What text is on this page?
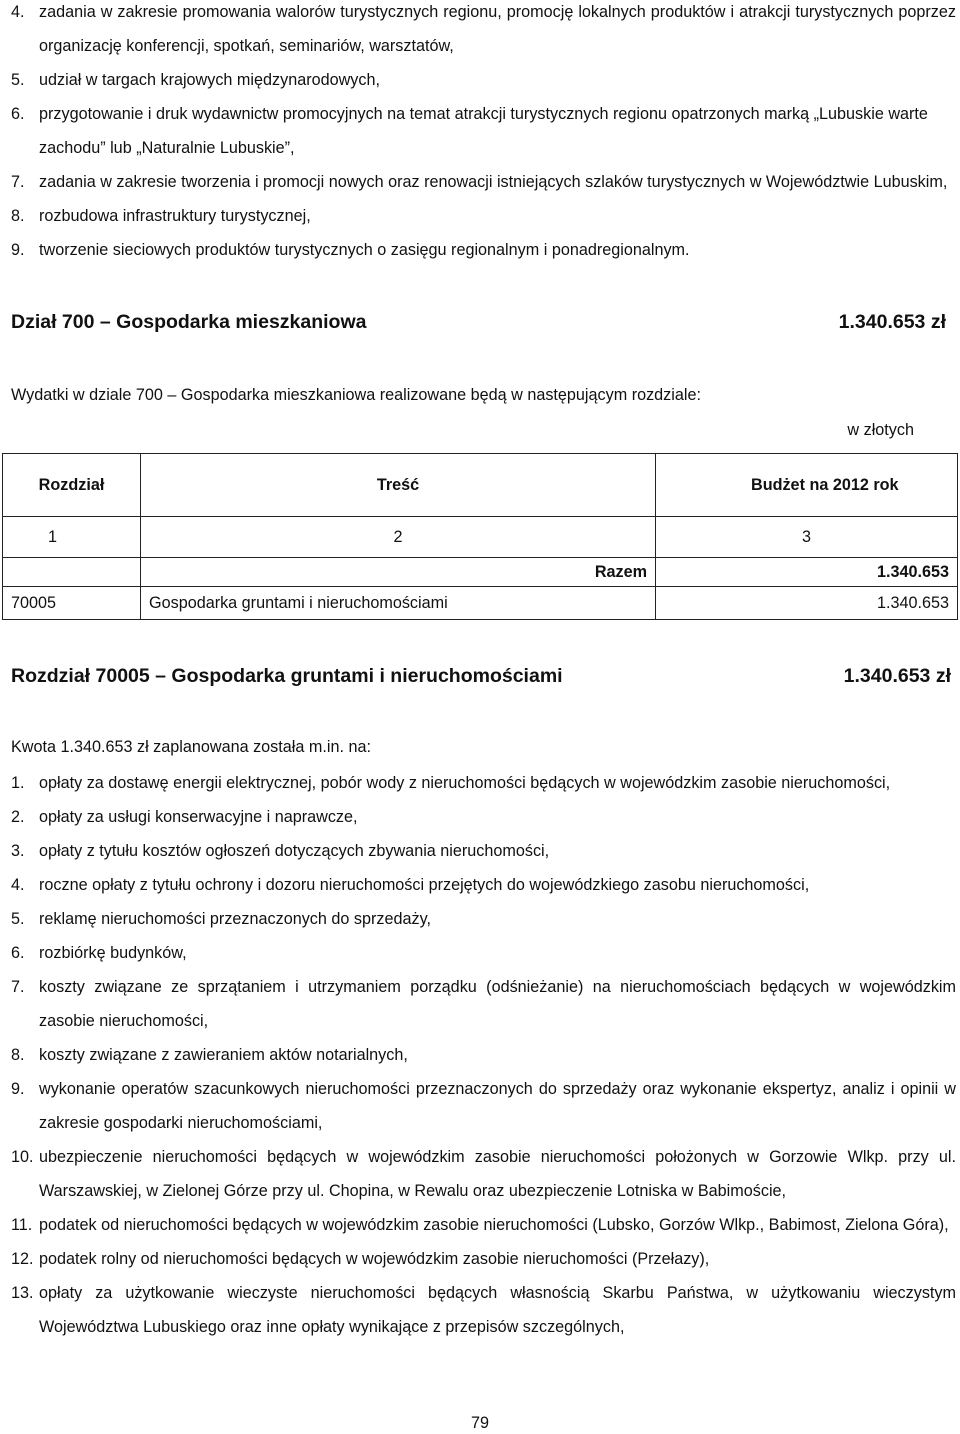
4. zadania w zakresie promowania walorów turystycznych regionu, promocję lokalnych produktów i atrakcji turystycznych poprzez organizację konferencji, spotkań, seminariów, warsztatów,
5. udział w targach krajowych międzynarodowych,
6. przygotowanie i druk wydawnictw promocyjnych na temat atrakcji turystycznych regionu opatrzonych marką „Lubuskie warte zachodu” lub „Naturalnie Lubuskie”,
7. zadania w zakresie tworzenia i promocji nowych oraz renowacji istniejących szlaków turystycznych w Województwie Lubuskim,
8. rozbudowa infrastruktury turystycznej,
9. tworzenie sieciowych produktów turystycznych o zasięgu regionalnym i ponadregionalnym.
Dział 700 – Gospodarka mieszkaniowa	1.340.653 zł
Wydatki w dziale 700 – Gospodarka mieszkaniowa realizowane będą w następującym rozdziale:
w złotych
Rozdział	Treść	Budżet na 2012 rok
1	2	3
	Razem	1.340.653
70005	Gospodarka gruntami i nieruchomościami	1.340.653
Rozdział 70005 – Gospodarka gruntami i nieruchomościami	1.340.653 zł
Kwota 1.340.653 zł zaplanowana została m.in. na:
1. opłaty za dostawę energii elektrycznej, pobór wody z nieruchomości będących w wojewódzkim zasobie nieruchomości,
2. opłaty za usługi konserwacyjne i naprawcze,
3. opłaty z tytułu kosztów ogłoszeń dotyczących zbywania nieruchomości,
4. roczne opłaty z tytułu ochrony i dozoru nieruchomości przejętych do wojewódzkiego zasobu nieruchomości,
5. reklamę nieruchomości przeznaczonych do sprzedaży,
6. rozbiórkę budynków,
7. koszty związane ze sprzątaniem i utrzymaniem porządku (odśnieżanie) na nieruchomościach będących w wojewódzkim zasobie nieruchomości,
8. koszty związane z zawieraniem aktów notarialnych,
9. wykonanie operatów szacunkowych nieruchomości przeznaczonych do sprzedaży oraz wykonanie ekspertyz, analiz i opinii w zakresie gospodarki nieruchomościami,
10. ubezpieczenie nieruchomości będących w wojewódzkim zasobie nieruchomości położonych w Gorzowie Wlkp. przy ul. Warszawskiej, w Zielonej Górze przy ul. Chopina, w Rewalu oraz ubezpieczenie Lotniska w Babimoście,
11. podatek od nieruchomości będących w wojewódzkim zasobie nieruchomości (Lubsko, Gorzów Wlkp., Babimost, Zielona Góra),
12. podatek rolny od nieruchomości będących w wojewódzkim zasobie nieruchomości (Przełazy),
13. opłaty za użytkowanie wieczyste nieruchomości będących własnością Skarbu Państwa, w użytkowaniu wieczystym Województwa Lubuskiego oraz inne opłaty wynikające z przepisów szczególnych,
79
